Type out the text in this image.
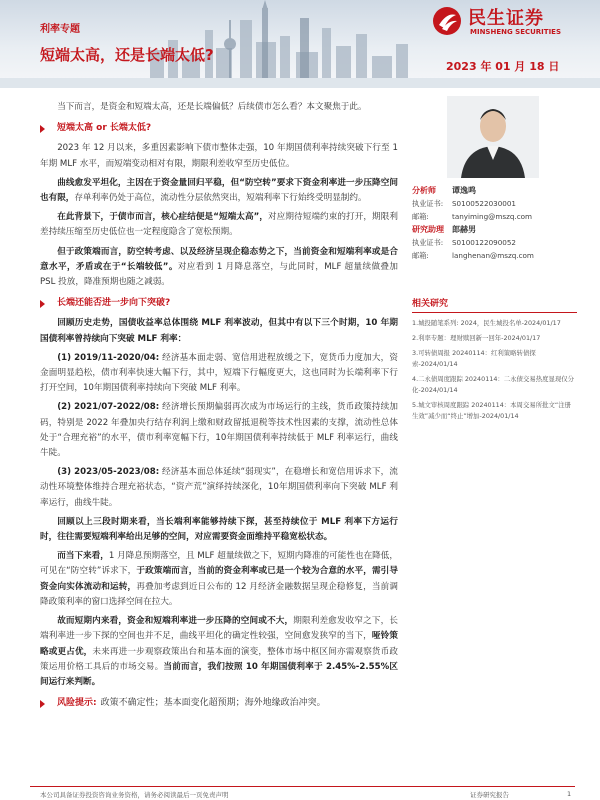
利率专题
短端太高，还是长端太低?
2023 年 01 月 18 日
民生证券
MINSHENG SECURITIES

当下而言，是资金和短端太高，还是长端偏低？后续债市怎么看？本文聚焦于此。

短端太高 or 长端太低?

2023 年 12 月以来，多重因素影响下债市整体走强，10 年期国债利率持续突破下行至 1 年期 MLF 水平，而短端变动相对有限，期限利差收窄至历史低位。

曲线愈发平坦化，主因在于资金量回归平稳，但“防空转”要求下资金利率进一步压降空间也有限，存单利率仍处于高位，流动性分层依然突出，短端利率下行始终受明显制约。

在此背景下，于债市而言，核心症结便是“短端太高”，对应期待短端约束的打开，期限利差持续压缩至历史低位也一定程度隐含了宽松预期。

但于政策端而言，防空转考虑、以及经济呈现企稳态势之下，当前资金和短端利率或是合意水平，矛盾或在于“长端较低”。对应看到 1 月降息落空，与此同时，MLF 超量续做叠加 PSL 投放，降准预期也随之减弱。

长端还能否进一步向下突破?

回顾历史走势，国债收益率总体围绕 MLF 利率波动，但其中有以下三个时期，10 年期国债利率曾持续向下突破 MLF 利率：

(1) 2019/11-2020/04: 经济基本面走弱、宽信用进程放缓之下，宽货币力度加大，资金面明显趋松，债市利率快速大幅下行，其中，短端下行幅度更大，这也同时为长端利率下行打开空间，10年期国债利率持续向下突破 MLF 利率。

(2) 2021/07-2022/08: 经济增长预期偏弱再次成为市场运行的主线，货币政策持续加码，特别是 2022 年叠加央行结存利润上缴和财政留抵退税等技术性因素的支撑，流动性总体处于“合理充裕”的水平，债市利率宽幅下行，10年期国债利率持续低于 MLF 利率运行，曲线牛陡。

(3) 2023/05-2023/08: 经济基本面总体延续“弱现实”，在稳增长和宽信用诉求下，流动性环境整体维持合理充裕状态，“资产荒”演绎持续深化，10年期国债利率向下突破 MLF 利率运行，曲线牛陡。

回顾以上三段时期来看，当长端利率能够持续下探，甚至持续位于 MLF 利率下方运行时，往往需要短端利率给出足够的空间，对应需要资金面维持平稳宽松状态。

而当下来看，1 月降息预期落空，且 MLF 超量续做之下，短期内降准的可能性也在降低，可见在“防空转”诉求下，于政策端而言，当前的资金利率或已是一个较为合意的水平，需引导资金向实体流动和运转，再叠加考虑到近日公布的 12 月经济金融数据呈现企稳修复，当前调降政策利率的窗口选择空间在拉大。

故而短期内来看，资金和短端利率进一步压降的空间或不大，期限利差愈发收窄之下，长端利率进一步下探的空间也并不足，曲线平坦化的确定性较强，空间愈发狭窄的当下，哑铃策略或更占优，未来再进一步观察政策出台和基本面的演变，整体市场中枢区间亦需观察货币政策运用价格工具后的市场交易。当前而言，我们按照 10 年期国债利率于 2.45%-2.55%区间运行来判断。

风险提示: 政策不确定性；基本面变化超预期；海外地缘政治冲突。
分析师	谭逸鸣
执业证书:	S0100522030001
邮箱:	tanyiming@mszq.com
研究助理	郎赫男
执业证书:	S0100122090052
邮箱:	langhenan@mszq.com
相关研究
1.城投随笔系列: 2024，民生城投名单-2024/01/17
2.利率专题：理财赎回新一回年-2024/01/17
3.可转债周报 20240114：红利策略转债探索-2024/01/14
4.二永债周度跟踪 20240114：二永债交易热度显现仅分化-2024/01/14
5.城文审核周度跟踪 20240114：本周交易所批文“注册生效”减少而“终止”增加-2024/01/14
本公司具备证券投资咨询业务资格，请务必阅读最后一页免责声明	证券研究报告	1
